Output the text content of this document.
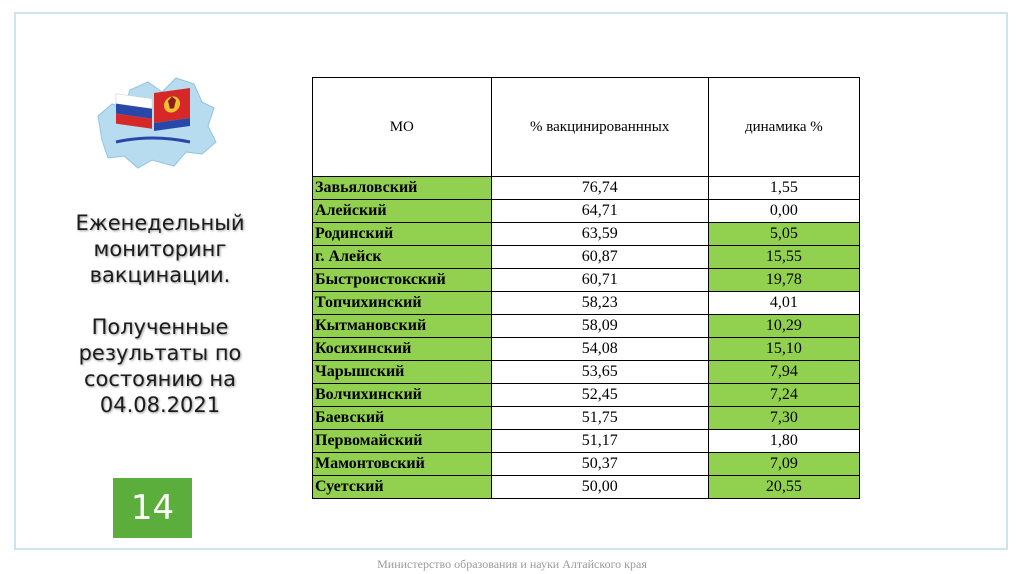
Еженедельный
мониторинг
вакцинации.
Полученные
результаты по
состоянию на
04.08.2021
14
МО	% вакцинированнных	динамика %
Завьяловский	76,74	1,55
Алейский	64,71	0,00
Родинский	63,59	5,05
г. Алейск	60,87	15,55
Быстроистокский	60,71	19,78
Топчихинский	58,23	4,01
Кытмановский	58,09	10,29
Косихинский	54,08	15,10
Чарышский	53,65	7,94
Волчихинский	52,45	7,24
Баевский	51,75	7,30
Первомайский	51,17	1,80
Мамонтовский	50,37	7,09
Суетский	50,00	20,55
Министерство образования и науки Алтайского края
